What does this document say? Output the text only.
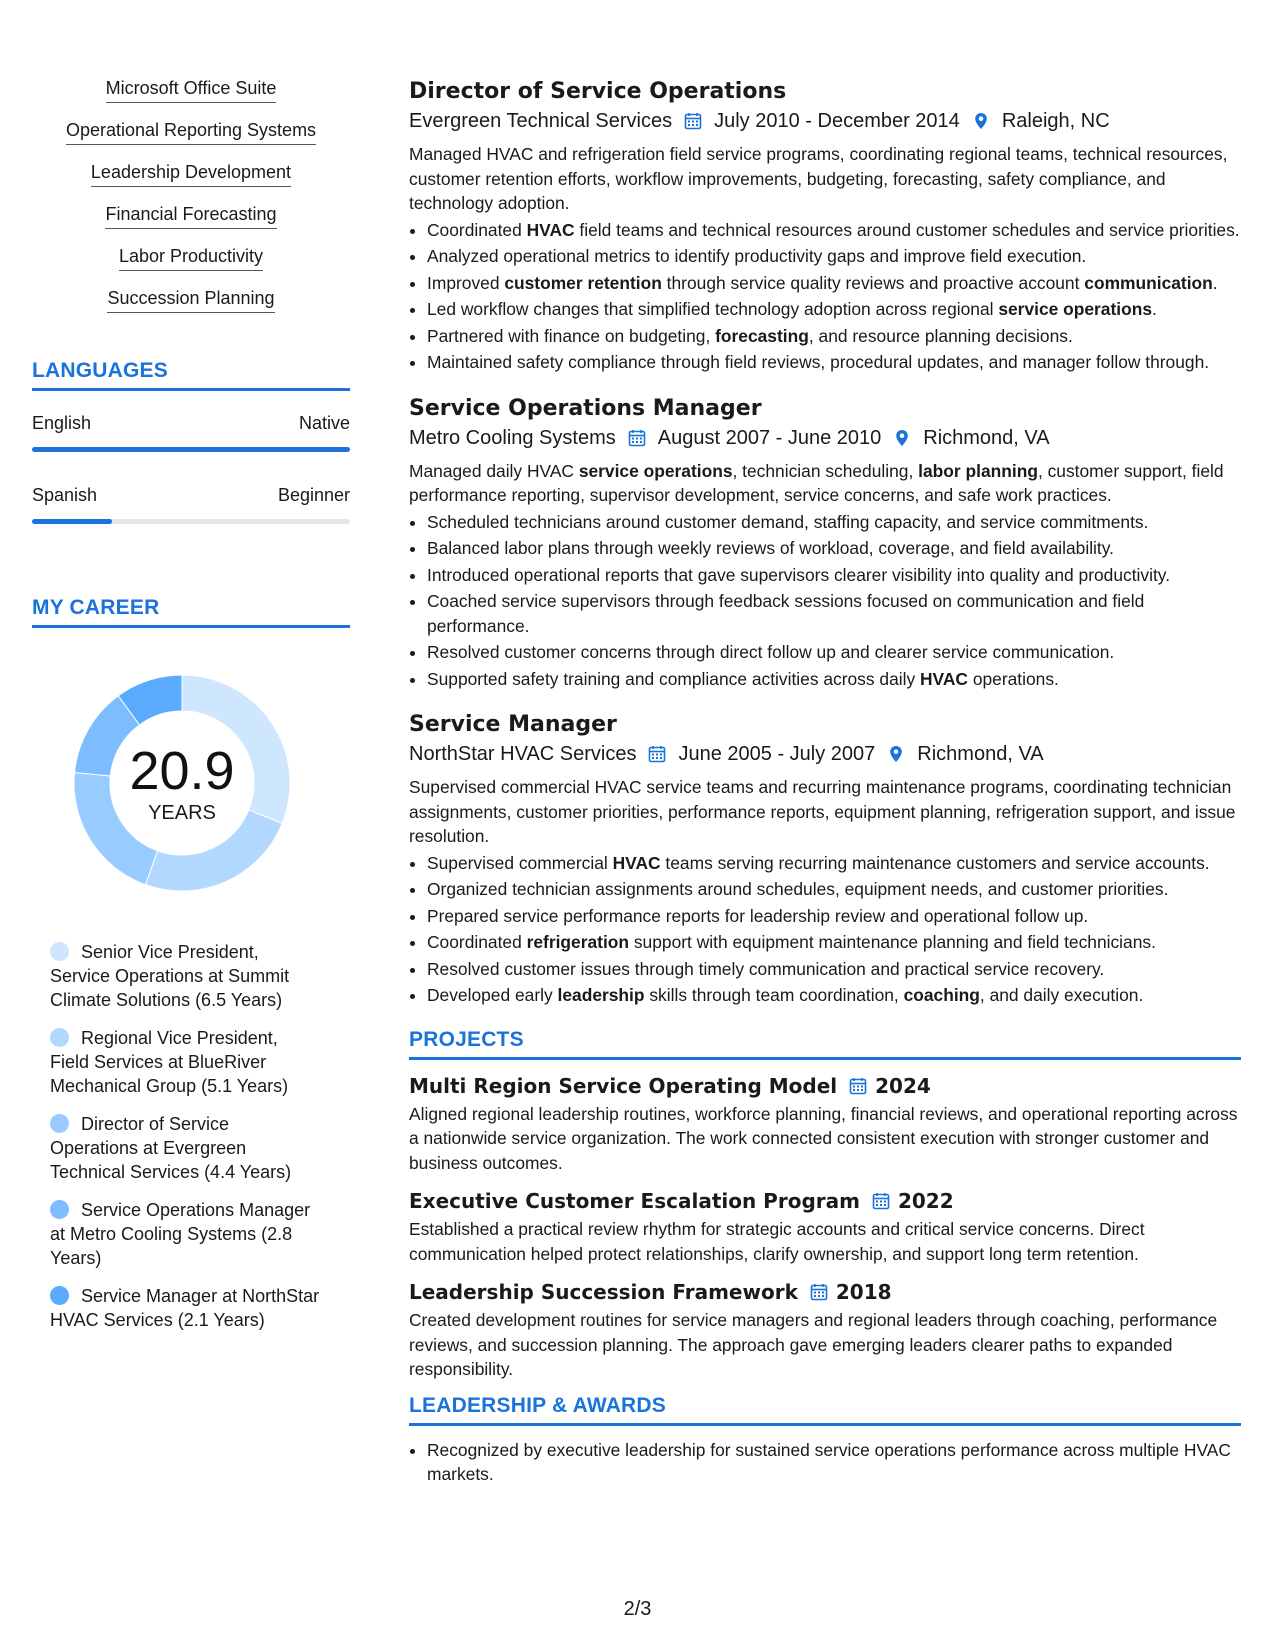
Microsoft Office Suite
Operational Reporting Systems
Leadership Development
Financial Forecasting
Labor Productivity
Succession Planning
LANGUAGES
English	Native
Spanish	Beginner
MY CAREER
20.9
YEARS
Senior Vice President, Service Operations at Summit Climate Solutions (6.5 Years)
Regional Vice President, Field Services at BlueRiver Mechanical Group (5.1 Years)
Director of Service Operations at Evergreen Technical Services (4.4 Years)
Service Operations Manager at Metro Cooling Systems (2.8 Years)
Service Manager at NorthStar HVAC Services (2.1 Years)
Director of Service Operations
Evergreen Technical Services July 2010 - December 2014 Raleigh, NC
Managed HVAC and refrigeration field service programs, coordinating regional teams, technical resources, customer retention efforts, workflow improvements, budgeting, forecasting, safety compliance, and technology adoption.
• Coordinated HVAC field teams and technical resources around customer schedules and service priorities.
• Analyzed operational metrics to identify productivity gaps and improve field execution.
• Improved customer retention through service quality reviews and proactive account communication.
• Led workflow changes that simplified technology adoption across regional service operations.
• Partnered with finance on budgeting, forecasting, and resource planning decisions.
• Maintained safety compliance through field reviews, procedural updates, and manager follow through.
Service Operations Manager
Metro Cooling Systems August 2007 - June 2010 Richmond, VA
Managed daily HVAC service operations, technician scheduling, labor planning, customer support, field performance reporting, supervisor development, service concerns, and safe work practices.
• Scheduled technicians around customer demand, staffing capacity, and service commitments.
• Balanced labor plans through weekly reviews of workload, coverage, and field availability.
• Introduced operational reports that gave supervisors clearer visibility into quality and productivity.
• Coached service supervisors through feedback sessions focused on communication and field performance.
• Resolved customer concerns through direct follow up and clearer service communication.
• Supported safety training and compliance activities across daily HVAC operations.
Service Manager
NorthStar HVAC Services June 2005 - July 2007 Richmond, VA
Supervised commercial HVAC service teams and recurring maintenance programs, coordinating technician assignments, customer priorities, performance reports, equipment planning, refrigeration support, and issue resolution.
• Supervised commercial HVAC teams serving recurring maintenance customers and service accounts.
• Organized technician assignments around schedules, equipment needs, and customer priorities.
• Prepared service performance reports for leadership review and operational follow up.
• Coordinated refrigeration support with equipment maintenance planning and field technicians.
• Resolved customer issues through timely communication and practical service recovery.
• Developed early leadership skills through team coordination, coaching, and daily execution.
PROJECTS
Multi Region Service Operating Model 2024
Aligned regional leadership routines, workforce planning, financial reviews, and operational reporting across a nationwide service organization. The work connected consistent execution with stronger customer and business outcomes.
Executive Customer Escalation Program 2022
Established a practical review rhythm for strategic accounts and critical service concerns. Direct communication helped protect relationships, clarify ownership, and support long term retention.
Leadership Succession Framework 2018
Created development routines for service managers and regional leaders through coaching, performance reviews, and succession planning. The approach gave emerging leaders clearer paths to expanded responsibility.
LEADERSHIP & AWARDS
• Recognized by executive leadership for sustained service operations performance across multiple HVAC markets.
2/3
